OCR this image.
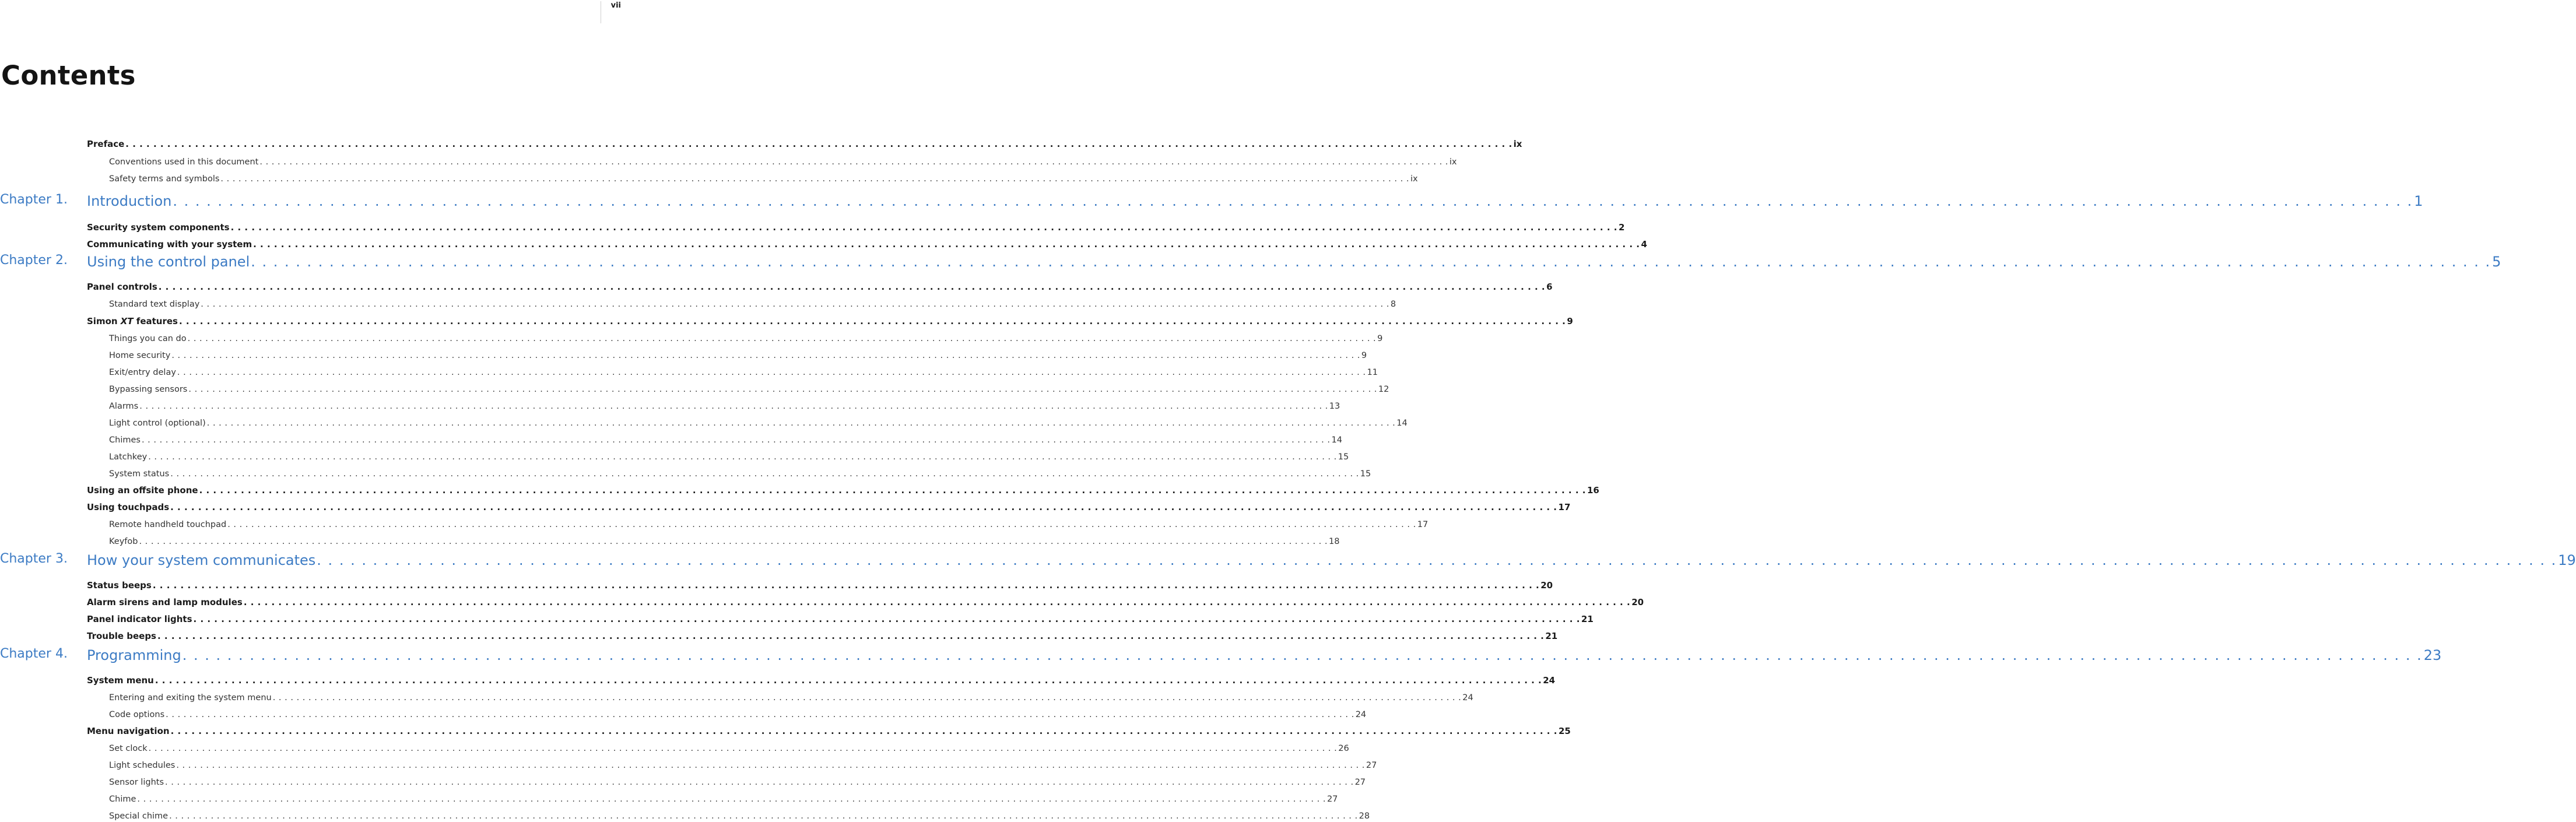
vii
Contents
Preface . . . . . . . . . . . . . . . . . . . . . . . . . . . . . . . . . . . . . . . . . . . . . . . . . . . . . . . . . . . . . . . . . . . . . . . . . . . . . . . . . . . . . . . . . . . . . . . . . . . . . . . . . . . . . . . . . . . . . . . . . . . . . . . . . . . . . . . . . . . . . . . . . . . . . . . . . . . . . . . . . . . . . . . . . . . . . . . . . . . . . . . . . . . . . . . . . . . . . . . . ix
Conventions used in this document . . . . . . . . . . . . . . . . . . . . . . . . . . . . . . . . . . . . . . . . . . . . . . . . . . . . . . . . . . . . . . . . . . . . . . . . . . . . . . . . . . . . . . . . . . . . . . . . . . . . . . . . . . . . . . . . . . . . . . . . . . . . . . . . . . . . . . . . . . . . . . . . . . . . . . . . . . . . . . . . . . . . . . . . . . . . . . . . . . . . . . . . . . . . . . . . . . . . . . . . ix
Safety terms and symbols . . . . . . . . . . . . . . . . . . . . . . . . . . . . . . . . . . . . . . . . . . . . . . . . . . . . . . . . . . . . . . . . . . . . . . . . . . . . . . . . . . . . . . . . . . . . . . . . . . . . . . . . . . . . . . . . . . . . . . . . . . . . . . . . . . . . . . . . . . . . . . . . . . . . . . . . . . . . . . . . . . . . . . . . . . . . . . . . . . . . . . . . . . . . . . . . . . . . . . . . ix
Chapter 1. Introduction . . . . . . . . . . . . . . . . . . . . . . . . . . . . . . . . . . . . . . . . . . . . . . . . . . . . . . . . . . . . . . . . . . . . . . . . . . . . . . . . . . . . . . . . . . . . . . . . . . . . . . . . . . . . . . . . . . . . . . . . . . . . . . . . . . . . . . . . . . . . . . . . . . . . . . . . . . . . . . . . . . . . . . . . . . . . . . . . . . . . . . . . . . . . . . . . . . . . . . . . 1
Security system components . . . . . . . . . . . . . . . . . . . . . . . . . . . . . . . . . . . . . . . . . . . . . . . . . . . . . . . . . . . . . . . . . . . . . . . . . . . . . . . . . . . . . . . . . . . . . . . . . . . . . . . . . . . . . . . . . . . . . . . . . . . . . . . . . . . . . . . . . . . . . . . . . . . . . . . . . . . . . . . . . . . . . . . . . . . . . . . . . . . . . . . . . . . . . . . . . . . . . . . . 2
Communicating with your system . . . . . . . . . . . . . . . . . . . . . . . . . . . . . . . . . . . . . . . . . . . . . . . . . . . . . . . . . . . . . . . . . . . . . . . . . . . . . . . . . . . . . . . . . . . . . . . . . . . . . . . . . . . . . . . . . . . . . . . . . . . . . . . . . . . . . . . . . . . . . . . . . . . . . . . . . . . . . . . . . . . . . . . . . . . . . . . . . . . . . . . . . . . . . . . . . . . . . . . . 4
Chapter 2. Using the control panel . . . . . . . . . . . . . . . . . . . . . . . . . . . . . . . . . . . . . . . . . . . . . . . . . . . . . . . . . . . . . . . . . . . . . . . . . . . . . . . . . . . . . . . . . . . . . . . . . . . . . . . . . . . . . . . . . . . . . . . . . . . . . . . . . . . . . . . . . . . . . . . . . . . . . . . . . . . . . . . . . . . . . . . . . . . . . . . . . . . . . . . . . . . . . . . . . . . . . . . . 5
Panel controls . . . . . . . . . . . . . . . . . . . . . . . . . . . . . . . . . . . . . . . . . . . . . . . . . . . . . . . . . . . . . . . . . . . . . . . . . . . . . . . . . . . . . . . . . . . . . . . . . . . . . . . . . . . . . . . . . . . . . . . . . . . . . . . . . . . . . . . . . . . . . . . . . . . . . . . . . . . . . . . . . . . . . . . . . . . . . . . . . . . . . . . . . . . . . . . . . . . . . . . . 6
Standard text display . . . . . . . . . . . . . . . . . . . . . . . . . . . . . . . . . . . . . . . . . . . . . . . . . . . . . . . . . . . . . . . . . . . . . . . . . . . . . . . . . . . . . . . . . . . . . . . . . . . . . . . . . . . . . . . . . . . . . . . . . . . . . . . . . . . . . . . . . . . . . . . . . . . . . . . . . . . . . . . . . . . . . . . . . . . . . . . . . . . . . . . . . . . . . . . . . . . . . . . . 8
Simon XT features . . . . . . . . . . . . . . . . . . . . . . . . . . . . . . . . . . . . . . . . . . . . . . . . . . . . . . . . . . . . . . . . . . . . . . . . . . . . . . . . . . . . . . . . . . . . . . . . . . . . . . . . . . . . . . . . . . . . . . . . . . . . . . . . . . . . . . . . . . . . . . . . . . . . . . . . . . . . . . . . . . . . . . . . . . . . . . . . . . . . . . . . . . . . . . . . . . . . . . . . 9
Things you can do . . . . . . . . . . . . . . . . . . . . . . . . . . . . . . . . . . . . . . . . . . . . . . . . . . . . . . . . . . . . . . . . . . . . . . . . . . . . . . . . . . . . . . . . . . . . . . . . . . . . . . . . . . . . . . . . . . . . . . . . . . . . . . . . . . . . . . . . . . . . . . . . . . . . . . . . . . . . . . . . . . . . . . . . . . . . . . . . . . . . . . . . . . . . . . . . . . . . . . . . 9
Home security . . . . . . . . . . . . . . . . . . . . . . . . . . . . . . . . . . . . . . . . . . . . . . . . . . . . . . . . . . . . . . . . . . . . . . . . . . . . . . . . . . . . . . . . . . . . . . . . . . . . . . . . . . . . . . . . . . . . . . . . . . . . . . . . . . . . . . . . . . . . . . . . . . . . . . . . . . . . . . . . . . . . . . . . . . . . . . . . . . . . . . . . . . . . . . . . . . . . . . . . 9
Exit/entry delay . . . . . . . . . . . . . . . . . . . . . . . . . . . . . . . . . . . . . . . . . . . . . . . . . . . . . . . . . . . . . . . . . . . . . . . . . . . . . . . . . . . . . . . . . . . . . . . . . . . . . . . . . . . . . . . . . . . . . . . . . . . . . . . . . . . . . . . . . . . . . . . . . . . . . . . . . . . . . . . . . . . . . . . . . . . . . . . . . . . . . . . . . . . . . . . . . . . . . . . . 11
Bypassing sensors . . . . . . . . . . . . . . . . . . . . . . . . . . . . . . . . . . . . . . . . . . . . . . . . . . . . . . . . . . . . . . . . . . . . . . . . . . . . . . . . . . . . . . . . . . . . . . . . . . . . . . . . . . . . . . . . . . . . . . . . . . . . . . . . . . . . . . . . . . . . . . . . . . . . . . . . . . . . . . . . . . . . . . . . . . . . . . . . . . . . . . . . . . . . . . . . . . . . . . . . 12
Alarms . . . . . . . . . . . . . . . . . . . . . . . . . . . . . . . . . . . . . . . . . . . . . . . . . . . . . . . . . . . . . . . . . . . . . . . . . . . . . . . . . . . . . . . . . . . . . . . . . . . . . . . . . . . . . . . . . . . . . . . . . . . . . . . . . . . . . . . . . . . . . . . . . . . . . . . . . . . . . . . . . . . . . . . . . . . . . . . . . . . . . . . . . . . . . . . . . . . . . . . . 13
Light control (optional) . . . . . . . . . . . . . . . . . . . . . . . . . . . . . . . . . . . . . . . . . . . . . . . . . . . . . . . . . . . . . . . . . . . . . . . . . . . . . . . . . . . . . . . . . . . . . . . . . . . . . . . . . . . . . . . . . . . . . . . . . . . . . . . . . . . . . . . . . . . . . . . . . . . . . . . . . . . . . . . . . . . . . . . . . . . . . . . . . . . . . . . . . . . . . . . . . . . . . . . . 14
Chimes . . . . . . . . . . . . . . . . . . . . . . . . . . . . . . . . . . . . . . . . . . . . . . . . . . . . . . . . . . . . . . . . . . . . . . . . . . . . . . . . . . . . . . . . . . . . . . . . . . . . . . . . . . . . . . . . . . . . . . . . . . . . . . . . . . . . . . . . . . . . . . . . . . . . . . . . . . . . . . . . . . . . . . . . . . . . . . . . . . . . . . . . . . . . . . . . . . . . . . . . 14
Latchkey . . . . . . . . . . . . . . . . . . . . . . . . . . . . . . . . . . . . . . . . . . . . . . . . . . . . . . . . . . . . . . . . . . . . . . . . . . . . . . . . . . . . . . . . . . . . . . . . . . . . . . . . . . . . . . . . . . . . . . . . . . . . . . . . . . . . . . . . . . . . . . . . . . . . . . . . . . . . . . . . . . . . . . . . . . . . . . . . . . . . . . . . . . . . . . . . . . . . . . . . 15
System status . . . . . . . . . . . . . . . . . . . . . . . . . . . . . . . . . . . . . . . . . . . . . . . . . . . . . . . . . . . . . . . . . . . . . . . . . . . . . . . . . . . . . . . . . . . . . . . . . . . . . . . . . . . . . . . . . . . . . . . . . . . . . . . . . . . . . . . . . . . . . . . . . . . . . . . . . . . . . . . . . . . . . . . . . . . . . . . . . . . . . . . . . . . . . . . . . . . . . . . . 15
Using an offsite phone . . . . . . . . . . . . . . . . . . . . . . . . . . . . . . . . . . . . . . . . . . . . . . . . . . . . . . . . . . . . . . . . . . . . . . . . . . . . . . . . . . . . . . . . . . . . . . . . . . . . . . . . . . . . . . . . . . . . . . . . . . . . . . . . . . . . . . . . . . . . . . . . . . . . . . . . . . . . . . . . . . . . . . . . . . . . . . . . . . . . . . . . . . . . . . . . . . . . . . . . 16
Using touchpads . . . . . . . . . . . . . . . . . . . . . . . . . . . . . . . . . . . . . . . . . . . . . . . . . . . . . . . . . . . . . . . . . . . . . . . . . . . . . . . . . . . . . . . . . . . . . . . . . . . . . . . . . . . . . . . . . . . . . . . . . . . . . . . . . . . . . . . . . . . . . . . . . . . . . . . . . . . . . . . . . . . . . . . . . . . . . . . . . . . . . . . . . . . . . . . . . . . . . . . . 17
Remote handheld touchpad . . . . . . . . . . . . . . . . . . . . . . . . . . . . . . . . . . . . . . . . . . . . . . . . . . . . . . . . . . . . . . . . . . . . . . . . . . . . . . . . . . . . . . . . . . . . . . . . . . . . . . . . . . . . . . . . . . . . . . . . . . . . . . . . . . . . . . . . . . . . . . . . . . . . . . . . . . . . . . . . . . . . . . . . . . . . . . . . . . . . . . . . . . . . . . . . . . . . . . . . 17
Keyfob . . . . . . . . . . . . . . . . . . . . . . . . . . . . . . . . . . . . . . . . . . . . . . . . . . . . . . . . . . . . . . . . . . . . . . . . . . . . . . . . . . . . . . . . . . . . . . . . . . . . . . . . . . . . . . . . . . . . . . . . . . . . . . . . . . . . . . . . . . . . . . . . . . . . . . . . . . . . . . . . . . . . . . . . . . . . . . . . . . . . . . . . . . . . . . . . . . . . . . . . 18
Chapter 3. How your system communicates . . . . . . . . . . . . . . . . . . . . . . . . . . . . . . . . . . . . . . . . . . . . . . . . . . . . . . . . . . . . . . . . . . . . . . . . . . . . . . . . . . . . . . . . . . . . . . . . . . . . . . . . . . . . . . . . . . . . . . . . . . . . . . . . . . . . . . . . . . . . . . . . . . . . . . . . . . . . . . . . . . . . . . . . . . . . . . . . . . . . . . . . . . . . . . . . . . . . . . . . 19
Status beeps . . . . . . . . . . . . . . . . . . . . . . . . . . . . . . . . . . . . . . . . . . . . . . . . . . . . . . . . . . . . . . . . . . . . . . . . . . . . . . . . . . . . . . . . . . . . . . . . . . . . . . . . . . . . . . . . . . . . . . . . . . . . . . . . . . . . . . . . . . . . . . . . . . . . . . . . . . . . . . . . . . . . . . . . . . . . . . . . . . . . . . . . . . . . . . . . . . . . . . . . 20
Alarm sirens and lamp modules . . . . . . . . . . . . . . . . . . . . . . . . . . . . . . . . . . . . . . . . . . . . . . . . . . . . . . . . . . . . . . . . . . . . . . . . . . . . . . . . . . . . . . . . . . . . . . . . . . . . . . . . . . . . . . . . . . . . . . . . . . . . . . . . . . . . . . . . . . . . . . . . . . . . . . . . . . . . . . . . . . . . . . . . . . . . . . . . . . . . . . . . . . . . . . . . . . . . . . . . 20
Panel indicator lights . . . . . . . . . . . . . . . . . . . . . . . . . . . . . . . . . . . . . . . . . . . . . . . . . . . . . . . . . . . . . . . . . . . . . . . . . . . . . . . . . . . . . . . . . . . . . . . . . . . . . . . . . . . . . . . . . . . . . . . . . . . . . . . . . . . . . . . . . . . . . . . . . . . . . . . . . . . . . . . . . . . . . . . . . . . . . . . . . . . . . . . . . . . . . . . . . . . . . . . . 21
Trouble beeps . . . . . . . . . . . . . . . . . . . . . . . . . . . . . . . . . . . . . . . . . . . . . . . . . . . . . . . . . . . . . . . . . . . . . . . . . . . . . . . . . . . . . . . . . . . . . . . . . . . . . . . . . . . . . . . . . . . . . . . . . . . . . . . . . . . . . . . . . . . . . . . . . . . . . . . . . . . . . . . . . . . . . . . . . . . . . . . . . . . . . . . . . . . . . . . . . . . . . . . . 21
Chapter 4. Programming . . . . . . . . . . . . . . . . . . . . . . . . . . . . . . . . . . . . . . . . . . . . . . . . . . . . . . . . . . . . . . . . . . . . . . . . . . . . . . . . . . . . . . . . . . . . . . . . . . . . . . . . . . . . . . . . . . . . . . . . . . . . . . . . . . . . . . . . . . . . . . . . . . . . . . . . . . . . . . . . . . . . . . . . . . . . . . . . . . . . . . . . . . . . . . . . . . . . . . . . 23
System menu . . . . . . . . . . . . . . . . . . . . . . . . . . . . . . . . . . . . . . . . . . . . . . . . . . . . . . . . . . . . . . . . . . . . . . . . . . . . . . . . . . . . . . . . . . . . . . . . . . . . . . . . . . . . . . . . . . . . . . . . . . . . . . . . . . . . . . . . . . . . . . . . . . . . . . . . . . . . . . . . . . . . . . . . . . . . . . . . . . . . . . . . . . . . . . . . . . . . . . . . 24
Entering and exiting the system menu . . . . . . . . . . . . . . . . . . . . . . . . . . . . . . . . . . . . . . . . . . . . . . . . . . . . . . . . . . . . . . . . . . . . . . . . . . . . . . . . . . . . . . . . . . . . . . . . . . . . . . . . . . . . . . . . . . . . . . . . . . . . . . . . . . . . . . . . . . . . . . . . . . . . . . . . . . . . . . . . . . . . . . . . . . . . . . . . . . . . . . . . . . . . . . . . . . . . . . . . 24
Code options . . . . . . . . . . . . . . . . . . . . . . . . . . . . . . . . . . . . . . . . . . . . . . . . . . . . . . . . . . . . . . . . . . . . . . . . . . . . . . . . . . . . . . . . . . . . . . . . . . . . . . . . . . . . . . . . . . . . . . . . . . . . . . . . . . . . . . . . . . . . . . . . . . . . . . . . . . . . . . . . . . . . . . . . . . . . . . . . . . . . . . . . . . . . . . . . . . . . . . . . 24
Menu navigation . . . . . . . . . . . . . . . . . . . . . . . . . . . . . . . . . . . . . . . . . . . . . . . . . . . . . . . . . . . . . . . . . . . . . . . . . . . . . . . . . . . . . . . . . . . . . . . . . . . . . . . . . . . . . . . . . . . . . . . . . . . . . . . . . . . . . . . . . . . . . . . . . . . . . . . . . . . . . . . . . . . . . . . . . . . . . . . . . . . . . . . . . . . . . . . . . . . . . . . . 25
Set clock . . . . . . . . . . . . . . . . . . . . . . . . . . . . . . . . . . . . . . . . . . . . . . . . . . . . . . . . . . . . . . . . . . . . . . . . . . . . . . . . . . . . . . . . . . . . . . . . . . . . . . . . . . . . . . . . . . . . . . . . . . . . . . . . . . . . . . . . . . . . . . . . . . . . . . . . . . . . . . . . . . . . . . . . . . . . . . . . . . . . . . . . . . . . . . . . . . . . . . . . 26
Light schedules . . . . . . . . . . . . . . . . . . . . . . . . . . . . . . . . . . . . . . . . . . . . . . . . . . . . . . . . . . . . . . . . . . . . . . . . . . . . . . . . . . . . . . . . . . . . . . . . . . . . . . . . . . . . . . . . . . . . . . . . . . . . . . . . . . . . . . . . . . . . . . . . . . . . . . . . . . . . . . . . . . . . . . . . . . . . . . . . . . . . . . . . . . . . . . . . . . . . . . . . 27
Sensor lights . . . . . . . . . . . . . . . . . . . . . . . . . . . . . . . . . . . . . . . . . . . . . . . . . . . . . . . . . . . . . . . . . . . . . . . . . . . . . . . . . . . . . . . . . . . . . . . . . . . . . . . . . . . . . . . . . . . . . . . . . . . . . . . . . . . . . . . . . . . . . . . . . . . . . . . . . . . . . . . . . . . . . . . . . . . . . . . . . . . . . . . . . . . . . . . . . . . . . . . . 27
Chime . . . . . . . . . . . . . . . . . . . . . . . . . . . . . . . . . . . . . . . . . . . . . . . . . . . . . . . . . . . . . . . . . . . . . . . . . . . . . . . . . . . . . . . . . . . . . . . . . . . . . . . . . . . . . . . . . . . . . . . . . . . . . . . . . . . . . . . . . . . . . . . . . . . . . . . . . . . . . . . . . . . . . . . . . . . . . . . . . . . . . . . . . . . . . . . . . . . . . . . . 27
Special chime . . . . . . . . . . . . . . . . . . . . . . . . . . . . . . . . . . . . . . . . . . . . . . . . . . . . . . . . . . . . . . . . . . . . . . . . . . . . . . . . . . . . . . . . . . . . . . . . . . . . . . . . . . . . . . . . . . . . . . . . . . . . . . . . . . . . . . . . . . . . . . . . . . . . . . . . . . . . . . . . . . . . . . . . . . . . . . . . . . . . . . . . . . . . . . . . . . . . . . . . 28
